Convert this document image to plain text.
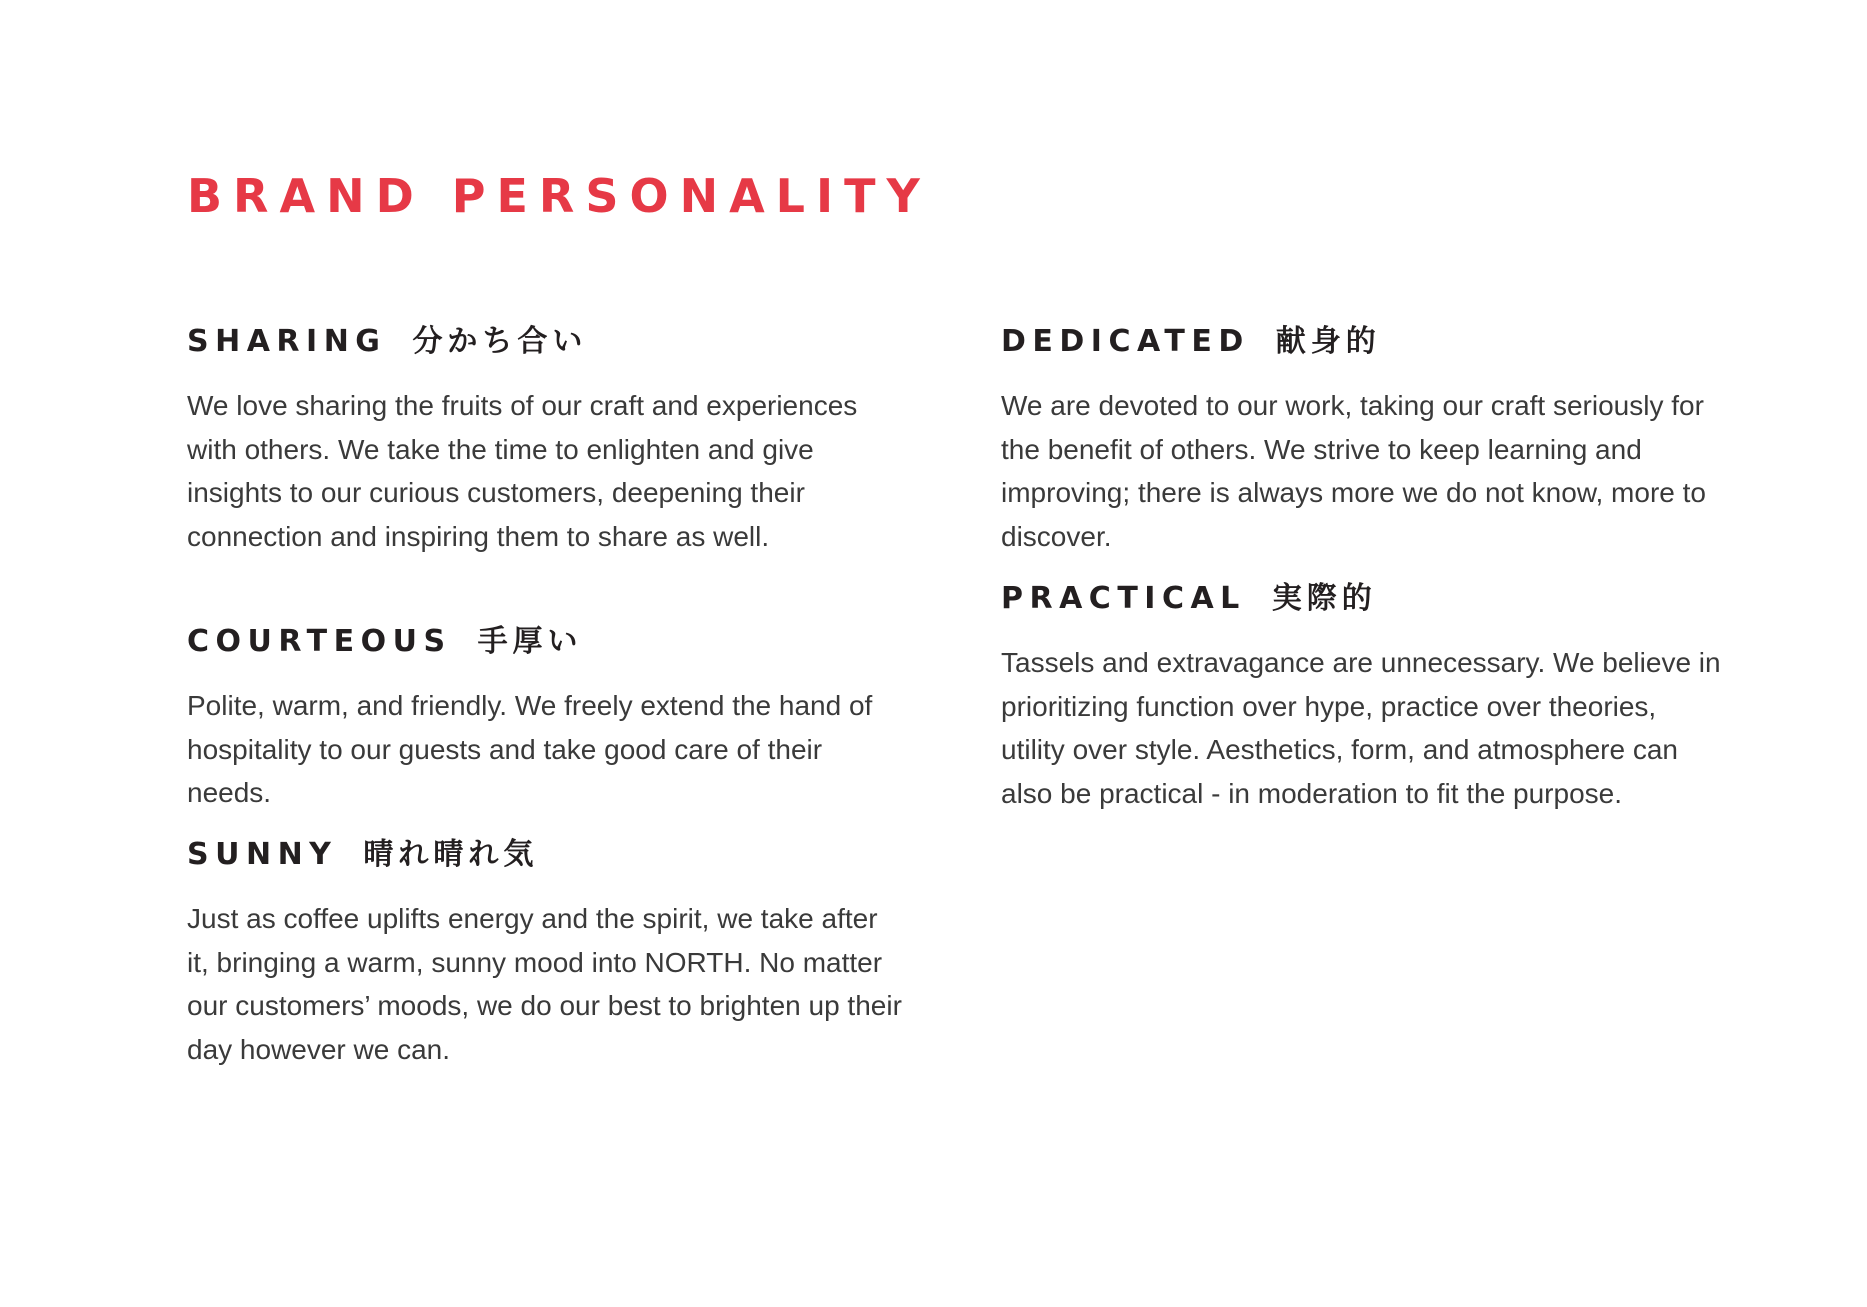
BRAND PERSONALITY
SHARING 分かち合い

We love sharing the fruits of our craft and experiences with others. We take the time to enlighten and give insights to our curious customers, deepening their connection and inspiring them to share as well.

COURTEOUS 手厚い

Polite, warm, and friendly. We freely extend the hand of hospitality to our guests and take good care of their needs.

SUNNY 晴れ晴れ気

Just as coffee uplifts energy and the spirit, we take after it, bringing a warm, sunny mood into NORTH. No matter our customers’ moods, we do our best to brighten up their day however we can.

DEDICATED 献身的

We are devoted to our work, taking our craft seriously for the benefit of others. We strive to keep learning and improving; there is always more we do not know, more to discover.

PRACTICAL 実際的

Tassels and extravagance are unnecessary. We believe in prioritizing function over hype, practice over theories, utility over style. Aesthetics, form, and atmosphere can also be practical - in moderation to fit the purpose.
